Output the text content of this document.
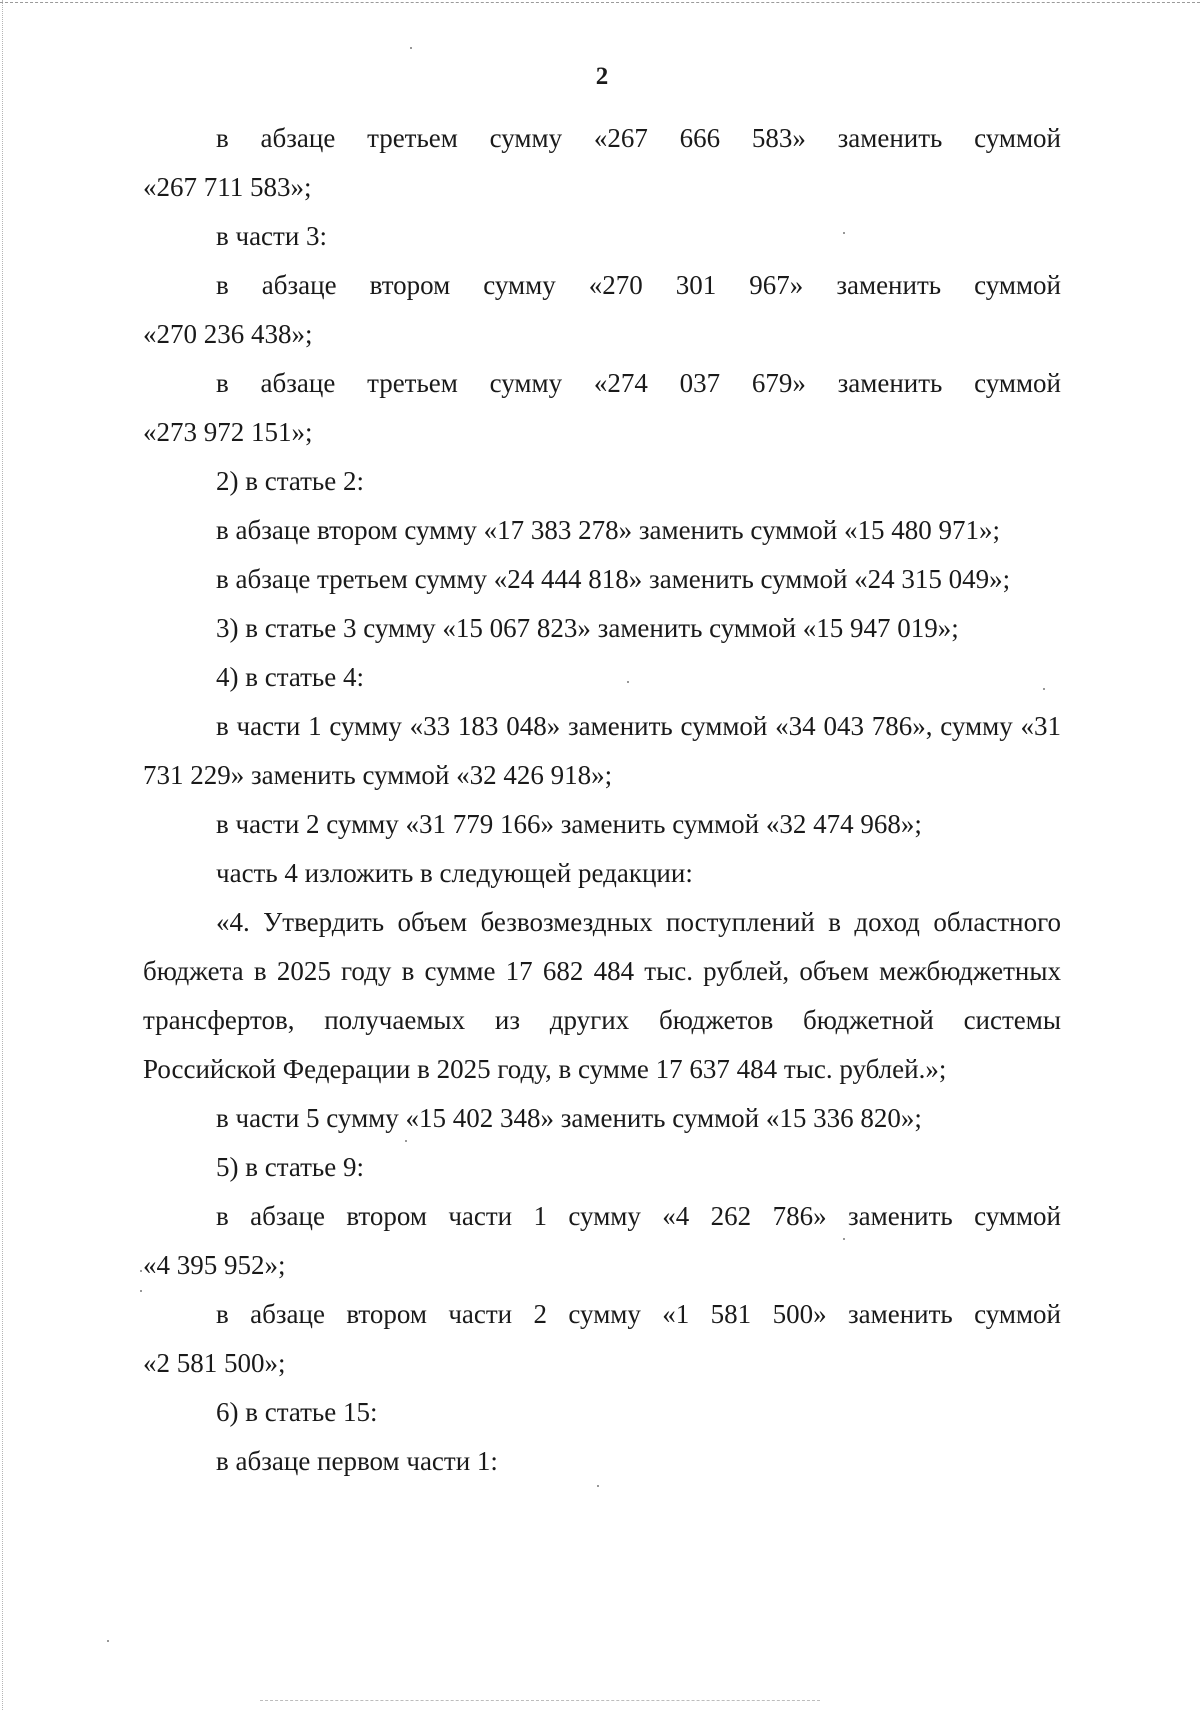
2

в абзаце третьем сумму «267 666 583» заменить суммой

«267 711 583»;

в части 3:

в абзаце втором сумму «270 301 967» заменить суммой

«270 236 438»;

в абзаце третьем сумму «274 037 679» заменить суммой

«273 972 151»;

2) в статье 2:

в абзаце втором сумму «17 383 278» заменить суммой «15 480 971»;

в абзаце третьем сумму «24 444 818» заменить суммой «24 315 049»;

3) в статье 3 сумму «15 067 823» заменить суммой «15 947 019»;

4) в статье 4:

в части 1 сумму «33 183 048» заменить суммой «34 043 786», сумму «31 731 229» заменить суммой «32 426 918»;

в части 2 сумму «31 779 166» заменить суммой «32 474 968»;

часть 4 изложить в следующей редакции:

«4. Утвердить объем безвозмездных поступлений в доход областного бюджета в 2025 году в сумме 17 682 484 тыс. рублей, объем межбюджетных трансфертов, получаемых из других бюджетов бюджетной системы Российской Федерации в 2025 году, в сумме 17 637 484 тыс. рублей.»;

в части 5 сумму «15 402 348» заменить суммой «15 336 820»;

5) в статье 9:

в абзаце втором части 1 сумму «4 262 786» заменить суммой

«4 395 952»;

в абзаце втором части 2 сумму «1 581 500» заменить суммой

«2 581 500»;

6) в статье 15:

в абзаце первом части 1:
